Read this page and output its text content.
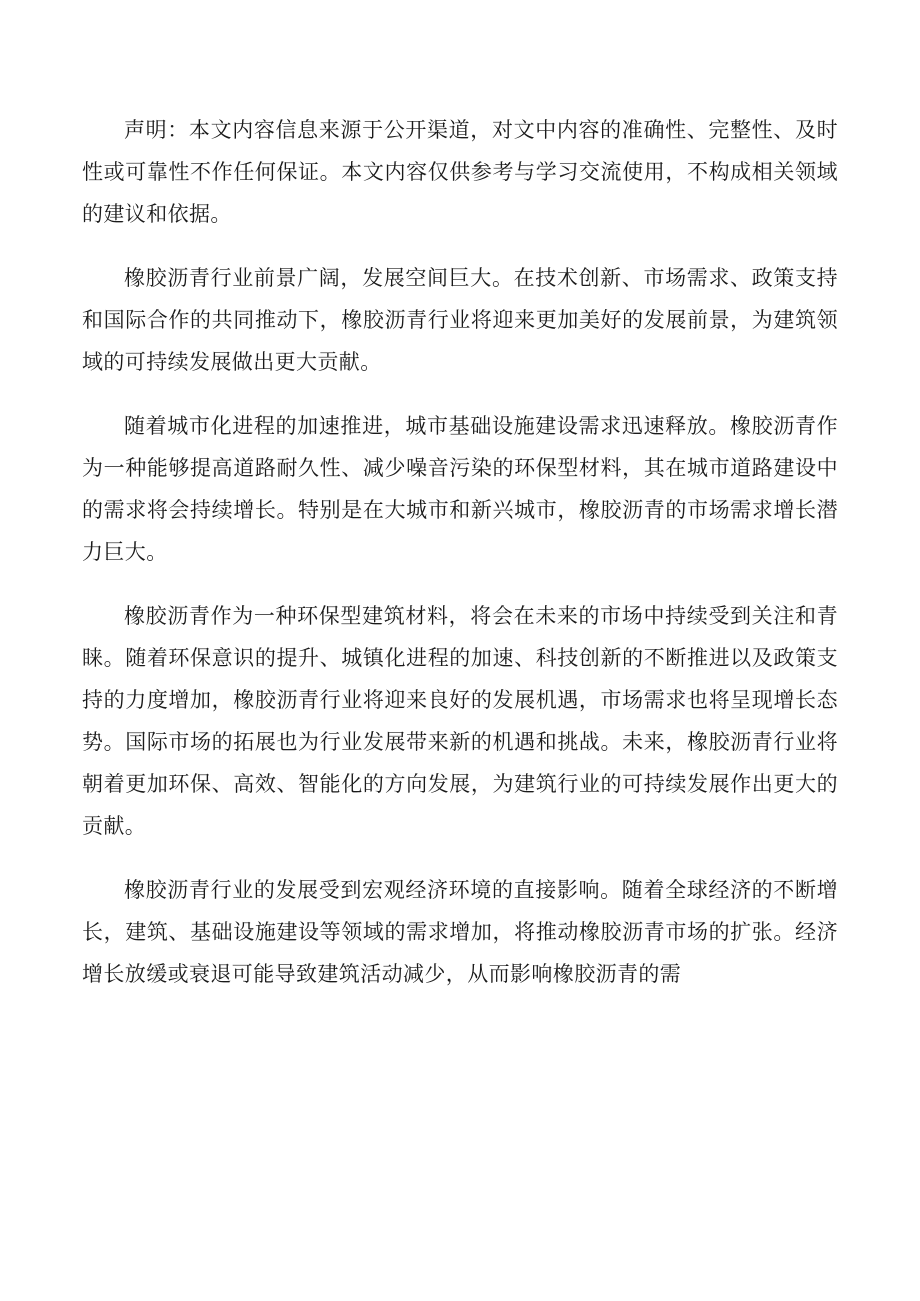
声明：本文内容信息来源于公开渠道，对文中内容的准确性、完整性、及时性或可靠性不作任何保证。本文内容仅供参考与学习交流使用，不构成相关领域的建议和依据。

橡胶沥青行业前景广阔，发展空间巨大。在技术创新、市场需求、政策支持和国际合作的共同推动下，橡胶沥青行业将迎来更加美好的发展前景，为建筑领域的可持续发展做出更大贡献。

随着城市化进程的加速推进，城市基础设施建设需求迅速释放。橡胶沥青作为一种能够提高道路耐久性、减少噪音污染的环保型材料，其在城市道路建设中的需求将会持续增长。特别是在大城市和新兴城市，橡胶沥青的市场需求增长潜力巨大。

橡胶沥青作为一种环保型建筑材料，将会在未来的市场中持续受到关注和青睐。随着环保意识的提升、城镇化进程的加速、科技创新的不断推进以及政策支持的力度增加，橡胶沥青行业将迎来良好的发展机遇，市场需求也将呈现增长态势。国际市场的拓展也为行业发展带来新的机遇和挑战。未来，橡胶沥青行业将朝着更加环保、高效、智能化的方向发展，为建筑行业的可持续发展作出更大的贡献。

橡胶沥青行业的发展受到宏观经济环境的直接影响。随着全球经济的不断增长，建筑、基础设施建设等领域的需求增加，将推动橡胶沥青市场的扩张。经济增长放缓或衰退可能导致建筑活动减少，从而影响橡胶沥青的需
